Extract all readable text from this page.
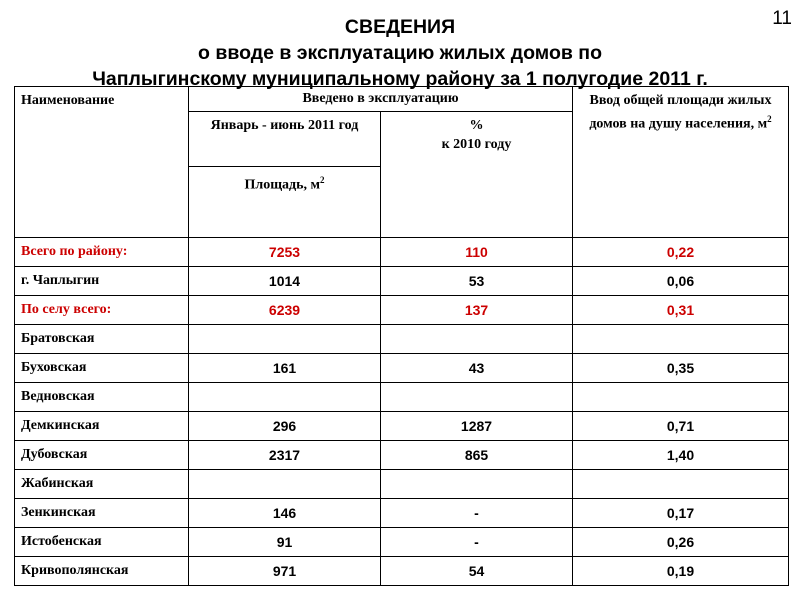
11
СВЕДЕНИЯ
о вводе в эксплуатацию жилых домов по
Чаплыгинскому муниципальному району за 1 полугодие 2011 г.
Наименование	Введено в эксплуатацию		Ввод общей площади жилых домов на душу населения, $м^2$
	Январь - июнь 2011 год	%
к 2010 году	

	Площадь, $м^2$
Всего по району:	7253	110	0,22
г. Чаплыгин	1014	53	0,06
По селу всего:	6239	137	0,31
Братовская			
Буховская	161	43	0,35
Ведновская			
Демкинская	296	1287	0,71
Дубовская	2317	865	1,40
Жабинская			
Зенкинская	146	-	0,17
Истобенская	91	-	0,26
Кривополянская	971	54	0,19
